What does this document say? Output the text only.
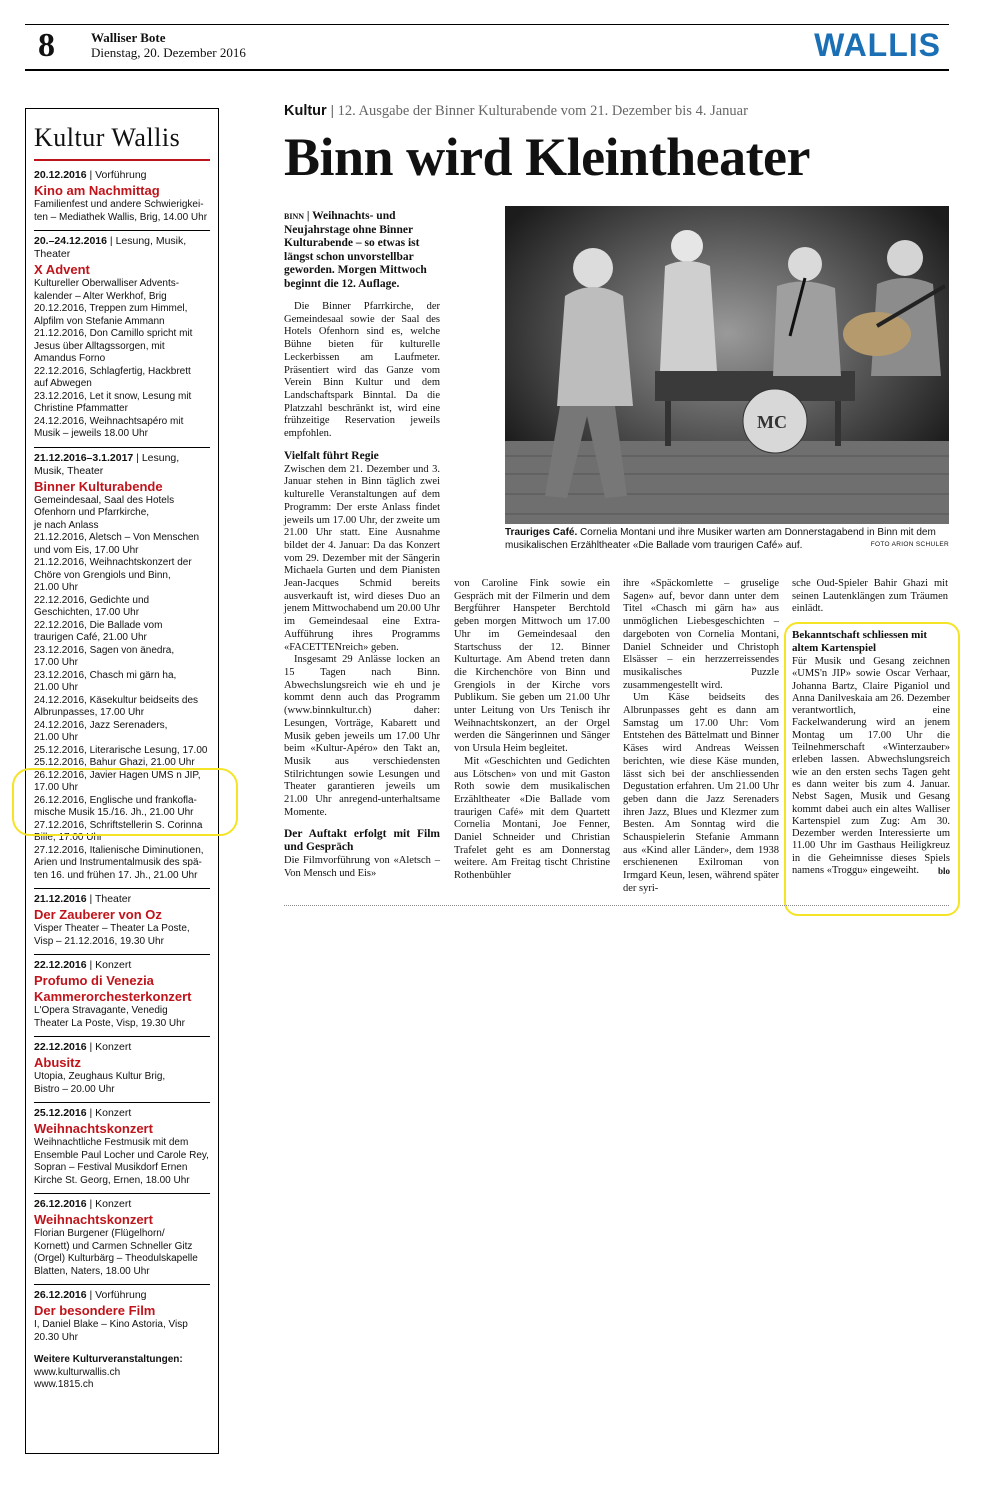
8	Walliser Bote
Dienstag, 20. Dezember 2016	WALLIS
Kultur Wallis
20.12.2016 | Vorführung
Kino am Nachmittag
Familienfest und andere Schwierigkei-
ten – Mediathek Wallis, Brig, 14.00 Uhr
20.–24.12.2016 | Lesung, Musik, Theater
X Advent
Kultureller Oberwalliser Advents-
kalender – Alter Werkhof, Brig
20.12.2016, Treppen zum Himmel,
Alpfilm von Stefanie Ammann
21.12.2016, Don Camillo spricht mit
Jesus über Alltagssorgen, mit
Amandus Forno
22.12.2016, Schlagfertig, Hackbrett
auf Abwegen
23.12.2016, Let it snow, Lesung mit
Christine Pfammatter
24.12.2016, Weihnachtsapéro mit
Musik – jeweils 18.00 Uhr
21.12.2016–3.1.2017 | Lesung, Musik, Theater
Binner Kulturabende
Gemeindesaal, Saal des Hotels
Ofenhorn und Pfarrkirche,
je nach Anlass
21.12.2016, Aletsch – Von Menschen
und vom Eis, 17.00 Uhr
21.12.2016, Weihnachtskonzert der
Chöre von Grengiols und Binn,
21.00 Uhr
22.12.2016, Gedichte und
Geschichten, 17.00 Uhr
22.12.2016, Die Ballade vom
traurigen Café, 21.00 Uhr
23.12.2016, Sagen von änedra,
17.00 Uhr
23.12.2016, Chasch mi gärn ha,
21.00 Uhr
24.12.2016, Käsekultur beidseits des
Albrunpasses, 17.00 Uhr
24.12.2016, Jazz Serenaders,
21.00 Uhr
25.12.2016, Literarische Lesung, 17.00
25.12.2016, Bahur Ghazi, 21.00 Uhr
26.12.2016, Javier Hagen UMS n JIP,
17.00 Uhr
26.12.2016, Englische und frankofla-
mische Musik 15./16. Jh., 21.00 Uhr
27.12.2016, Schriftstellerin S. Corinna
Bille, 17.00 Uhr
27.12.2016, Italienische Diminutionen,
Arien und Instrumentalmusik des spä-
ten 16. und frühen 17. Jh., 21.00 Uhr
21.12.2016 | Theater
Der Zauberer von Oz
Visper Theater – Theater La Poste,
Visp – 21.12.2016, 19.30 Uhr
22.12.2016 | Konzert
Profumo di Venezia Kammerorchesterkonzert
L'Opera Stravagante, Venedig
Theater La Poste, Visp, 19.30 Uhr
22.12.2016 | Konzert
Abusitz
Utopia, Zeughaus Kultur Brig,
Bistro – 20.00 Uhr
25.12.2016 | Konzert
Weihnachtskonzert
Weihnachtliche Festmusik mit dem
Ensemble Paul Locher und Carole Rey,
Sopran – Festival Musikdorf Ernen
Kirche St. Georg, Ernen, 18.00 Uhr
26.12.2016 | Konzert
Weihnachtskonzert
Florian Burgener (Flügelhorn/
Kornett) und Carmen Schneller Gitz
(Orgel) Kulturbärg – Theodulskapelle
Blatten, Naters, 18.00 Uhr
26.12.2016 | Vorführung
Der besondere Film
I, Daniel Blake – Kino Astoria, Visp
20.30 Uhr
Weitere Kulturveranstaltungen:
www.kulturwallis.ch
www.1815.ch
Kultur | 12. Ausgabe der Binner Kulturabende vom 21. Dezember bis 4. Januar
Binn wird Kleintheater
BINN | Weihnachts- und Neujahrstage ohne Binner Kulturabende – so etwas ist längst schon unvorstellbar geworden. Morgen Mittwoch beginnt die 12. Auflage.

Die Binner Pfarrkirche, der Gemeindesaal sowie der Saal des Hotels Ofenhorn sind es, welche Bühne bieten für kulturelle Leckerbissen am Laufmeter. Präsentiert wird das Ganze vom Verein Binn Kultur und dem Landschaftspark Binntal. Da die Platzzahl beschränkt ist, wird eine frühzeitige Reservation jeweils empfohlen.

Vielfalt führt Regie

Zwischen dem 21. Dezember und 3. Januar stehen in Binn täglich zwei kulturelle Veranstaltungen auf dem Programm: Der erste Anlass findet jeweils um 17.00 Uhr, der zweite um 21.00 Uhr statt. Eine Ausnahme bildet der 4. Januar: Da das Konzert vom 29. Dezember mit der Sängerin Michaela Gurten und dem Pianisten Jean-Jacques Schmid bereits ausverkauft ist, wird dieses Duo an jenem Mittwochabend um 20.00 Uhr im Gemeindesaal eine Extra-Aufführung ihres Programms «FACETTENreich» geben.

Insgesamt 29 Anlässe locken an 15 Tagen nach Binn. Abwechslungsreich wie eh und je kommt denn auch das Programm (www.binnkultur.ch) daher: Lesungen, Vorträge, Kabarett und Musik geben jeweils um 17.00 Uhr beim «Kultur-Apéro» den Takt an, Musik aus verschiedensten Stilrichtungen sowie Lesungen und Theater garantieren jeweils um 21.00 Uhr anregend-unterhaltsame Momente.

Der Auftakt erfolgt mit Film und Gespräch

Die Filmvorführung von «Aletsch – Von Mensch und Eis»

MC
Trauriges Café. Cornelia Montani und ihre Musiker warten am Donnerstagabend in Binn mit dem musikalischen Erzähltheater «Die Ballade vom traurigen Café» auf.	FOTO ARION SCHULER

von Caroline Fink sowie ein Gespräch mit der Filmerin und dem Bergführer Hanspeter Berchtold geben morgen Mittwoch um 17.00 Uhr im Gemeindesaal den Startschuss der 12. Binner Kulturtage. Am Abend treten dann die Kirchenchöre von Binn und Grengiols in der Kirche vors Publikum. Sie geben um 21.00 Uhr unter Leitung von Urs Tenisch ihr Weihnachtskonzert, an der Orgel werden die Sängerinnen und Sänger von Ursula Heim begleitet.

Mit «Geschichten und Gedichten aus Lötschen» von und mit Gaston Roth sowie dem musikalischen Erzähltheater «Die Ballade vom traurigen Café» mit dem Quartett Cornelia Montani, Joe Fenner, Daniel Schneider und Christian Trafelet geht es am Donnerstag weitere. Am Freitag tischt Christine Rothenbühler

ihre «Späckomlette – gruselige Sagen» auf, bevor dann unter dem Titel «Chasch mi gärn ha» aus unmöglichen Liebesgeschichten – dargeboten von Cornelia Montani, Daniel Schneider und Christoph Elsässer – ein herzzerreissendes musikalisches Puzzle zusammengestellt wird.

Um Käse beidseits des Albrunpasses geht es dann am Samstag um 17.00 Uhr: Vom Entstehen des Bättelmatt und Binner Käses wird Andreas Weissen berichten, wie diese Käse munden, lässt sich bei der anschliessenden Degustation erfahren. Um 21.00 Uhr geben dann die Jazz Serenaders ihren Jazz, Blues und Klezmer zum Besten. Am Sonntag wird die Schauspielerin Stefanie Ammann aus «Kind aller Länder», dem 1938 erschienenen Exilroman von Irmgard Keun, lesen, während später der syri-

sche Oud-Spieler Bahir Ghazi mit seinen Lautenklängen zum Träumen einlädt.

Bekanntschaft schliessen mit altem Kartenspiel
Für Musik und Gesang zeichnen «UMS'n JIP» sowie Oscar Verhaar, Johanna Bartz, Claire Piganiol und Anna Danilveskaia am 26. Dezember verantwortlich, eine Fackelwanderung wird an jenem Montag um 17.00 Uhr die Teilnehmerschaft «Winterzauber» erleben lassen. Abwechslungsreich wie an den ersten sechs Tagen geht es dann weiter bis zum 4. Januar. Nebst Sagen, Musik und Gesang kommt dabei auch ein altes Walliser Kartenspiel zum Zug: Am 30. Dezember werden Interessierte um 11.00 Uhr im Gasthaus Heiligkreuz in die Geheimnisse dieses Spiels namens «Troggu» eingeweiht. blo
